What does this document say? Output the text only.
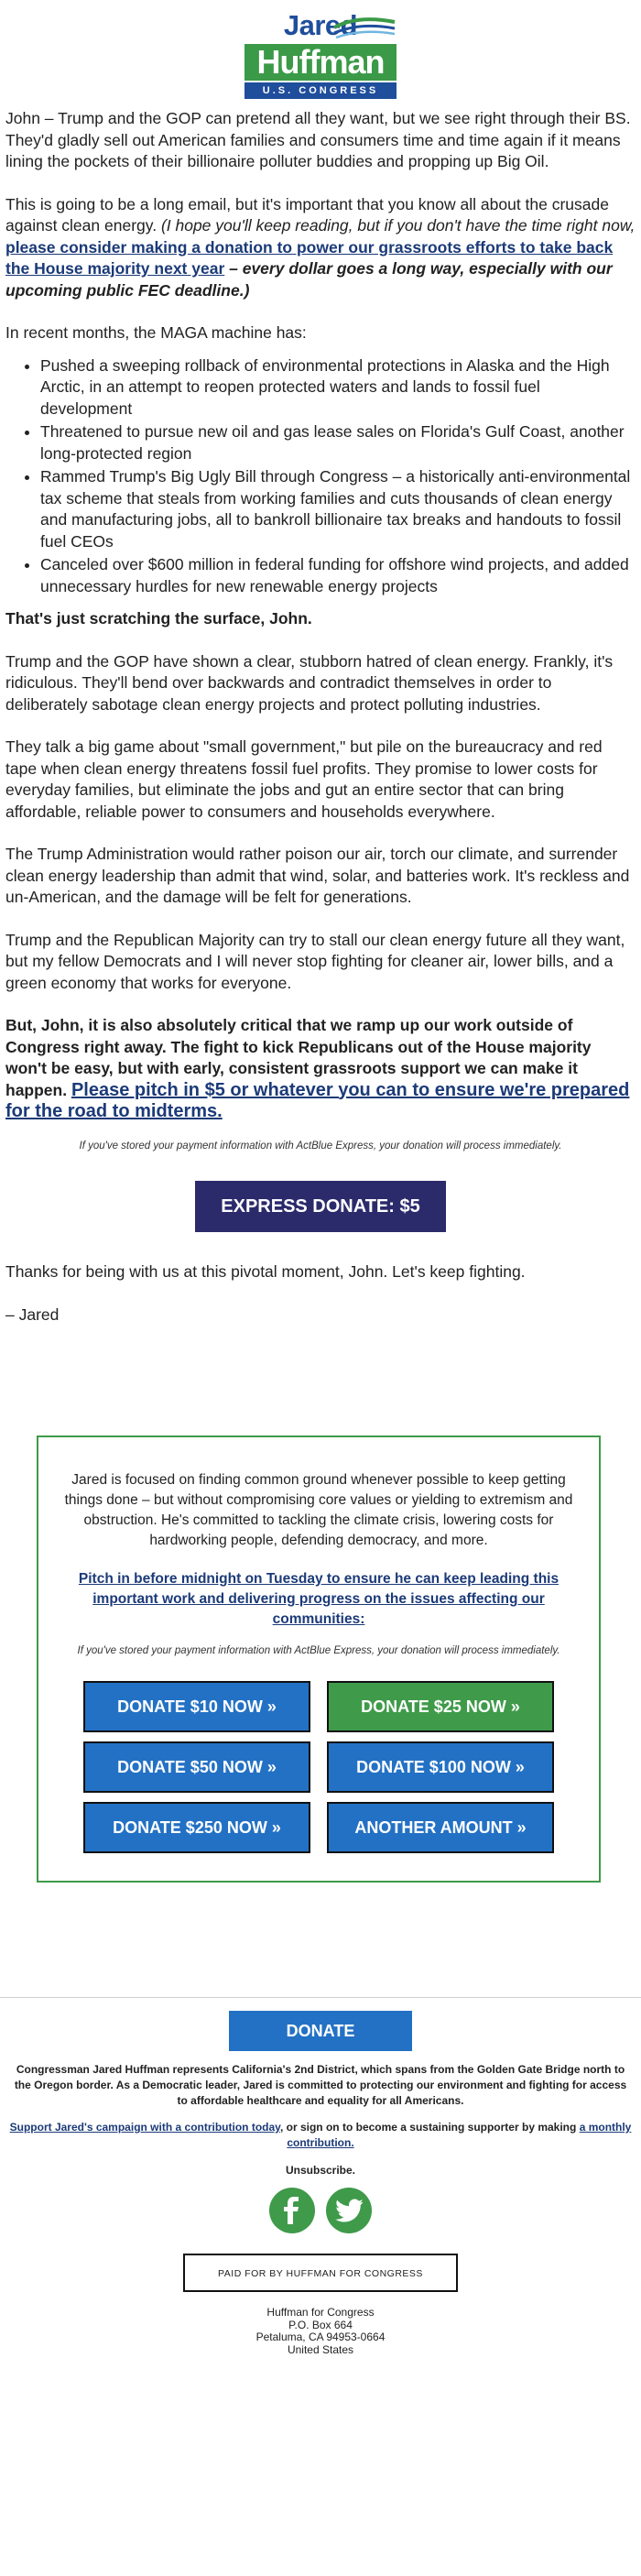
Jared
Huffman
U.S. CONGRESS

John – Trump and the GOP can pretend all they want, but we see right through their BS. They'd gladly sell out American families and consumers time and time again if it means lining the pockets of their billionaire polluter buddies and propping up Big Oil.

This is going to be a long email, but it's important that you know all about the crusade against clean energy. (I hope you'll keep reading, but if you don't have the time right now, please consider making a donation to power our grassroots efforts to take back the House majority next year – every dollar goes a long way, especially with our upcoming public FEC deadline.)

In recent months, the MAGA machine has:

• Pushed a sweeping rollback of environmental protections in Alaska and the High Arctic, in an attempt to reopen protected waters and lands to fossil fuel development
• Threatened to pursue new oil and gas lease sales on Florida's Gulf Coast, another long-protected region
• Rammed Trump's Big Ugly Bill through Congress – a historically anti-environmental tax scheme that steals from working families and cuts thousands of clean energy and manufacturing jobs, all to bankroll billionaire tax breaks and handouts to fossil fuel CEOs
• Canceled over $600 million in federal funding for offshore wind projects, and added unnecessary hurdles for new renewable energy projects

That's just scratching the surface, John.

Trump and the GOP have shown a clear, stubborn hatred of clean energy. Frankly, it's ridiculous. They'll bend over backwards and contradict themselves in order to deliberately sabotage clean energy projects and protect polluting industries.

They talk a big game about "small government," but pile on the bureaucracy and red tape when clean energy threatens fossil fuel profits. They promise to lower costs for everyday families, but eliminate the jobs and gut an entire sector that can bring affordable, reliable power to consumers and households everywhere.

The Trump Administration would rather poison our air, torch our climate, and surrender clean energy leadership than admit that wind, solar, and batteries work. It's reckless and un-American, and the damage will be felt for generations.

Trump and the Republican Majority can try to stall our clean energy future all they want, but my fellow Democrats and I will never stop fighting for cleaner air, lower bills, and a green economy that works for everyone.

But, John, it is also absolutely critical that we ramp up our work outside of Congress right away. The fight to kick Republicans out of the House majority won't be easy, but with early, consistent grassroots support we can make it happen. Please pitch in $5 or whatever you can to ensure we're prepared for the road to midterms.

If you've stored your payment information with ActBlue Express, your donation will process immediately.
EXPRESS DONATE: $5

Thanks for being with us at this pivotal moment, John. Let's keep fighting.

– Jared

Jared is focused on finding common ground whenever possible to keep getting things done – but without compromising core values or yielding to extremism and obstruction. He's committed to tackling the climate crisis, lowering costs for hardworking people, defending democracy, and more.

Pitch in before midnight on Tuesday to ensure he can keep leading this important work and delivering progress on the issues affecting our communities:

If you've stored your payment information with ActBlue Express, your donation will process immediately.

DONATE $10 NOW »	DONATE $25 NOW »
DONATE $50 NOW »	DONATE $100 NOW »
DONATE $250 NOW »	ANOTHER AMOUNT »
DONATE
Congressman Jared Huffman represents California's 2nd District, which spans from the Golden Gate Bridge north to the Oregon border. As a Democratic leader, Jared is committed to protecting our environment and fighting for access to affordable healthcare and equality for all Americans.
Support Jared's campaign with a contribution today, or sign on to become a sustaining supporter by making a monthly contribution.
Unsubscribe.
PAID FOR BY HUFFMAN FOR CONGRESS
Huffman for Congress
P.O. Box 664
Petaluma, CA 94953-0664
United States
